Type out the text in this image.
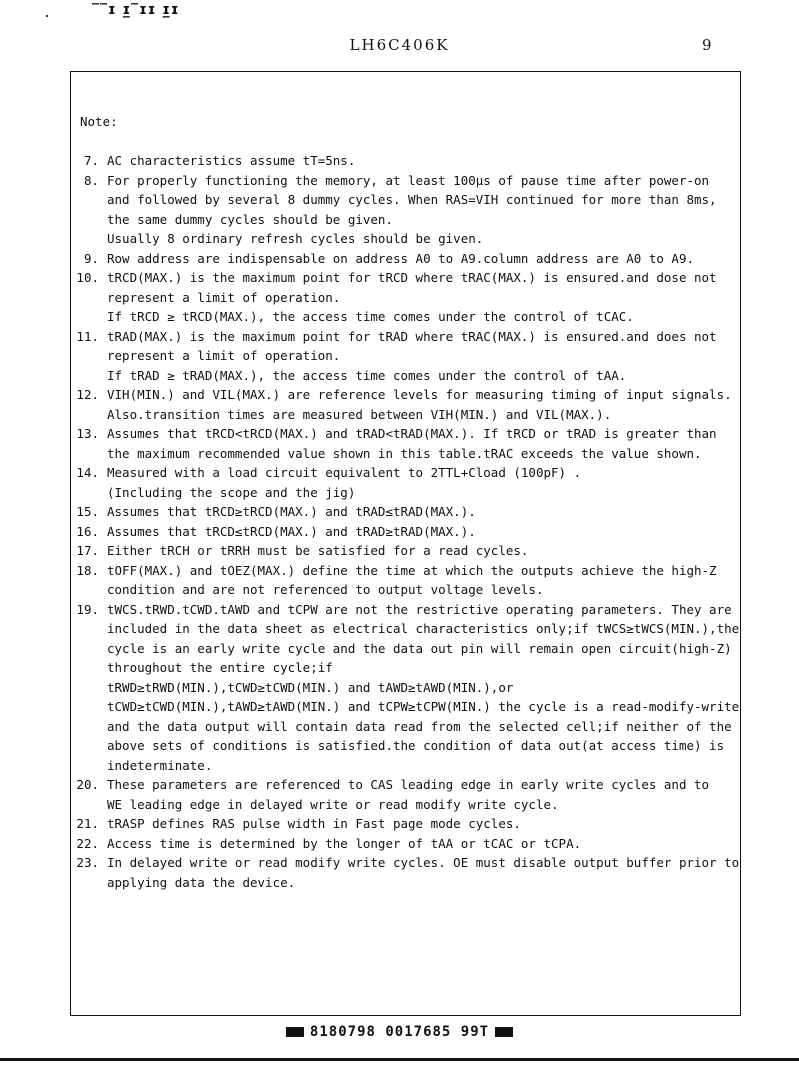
‾‾ɪ ɪ̲‾ɪɪ ɪ̲ɪ
LH6C406K	9
Note:
7. AC characteristics assume tT=5ns.
8. For properly functioning the memory, at least 100μs of pause time after power-on
and followed by several 8 dummy cycles. When RAS=VIH continued for more than 8ms,
the same dummy cycles should be given.
Usually 8 ordinary refresh cycles should be given.
9. Row address are indispensable on address A0 to A9.column address are A0 to A9.
10. tRCD(MAX.) is the maximum point for tRCD where tRAC(MAX.) is ensured.and dose not
represent a limit of operation.
If tRCD ≥ tRCD(MAX.), the access time comes under the control of tCAC.
11. tRAD(MAX.) is the maximum point for tRAD where tRAC(MAX.) is ensured.and does not
represent a limit of operation.
If tRAD ≥ tRAD(MAX.), the access time comes under the control of tAA.
12. VIH(MIN.) and VIL(MAX.) are reference levels for measuring timing of input signals.
Also.transition times are measured between VIH(MIN.) and VIL(MAX.).
13. Assumes that tRCD<tRCD(MAX.) and tRAD<tRAD(MAX.). If tRCD or tRAD is greater than
the maximum recommended value shown in this table.tRAC exceeds the value shown.
14. Measured with a load circuit equivalent to 2TTL+Cload (100pF) .
(Including the scope and the jig)
15. Assumes that tRCD≥tRCD(MAX.) and tRAD≤tRAD(MAX.).
16. Assumes that tRCD≤tRCD(MAX.) and tRAD≥tRAD(MAX.).
17. Either tRCH or tRRH must be satisfied for a read cycles.
18. tOFF(MAX.) and tOEZ(MAX.) define the time at which the outputs achieve the high-Z
condition and are not referenced to output voltage levels.
19. tWCS.tRWD.tCWD.tAWD and tCPW are not the restrictive operating parameters. They are
included in the data sheet as electrical characteristics only;if tWCS≥tWCS(MIN.),the
cycle is an early write cycle and the data out pin will remain open circuit(high-Z)
throughout the entire cycle;if
tRWD≥tRWD(MIN.),tCWD≥tCWD(MIN.) and tAWD≥tAWD(MIN.),or
tCWD≥tCWD(MIN.),tAWD≥tAWD(MIN.) and tCPW≥tCPW(MIN.) the cycle is a read-modify-write
and the data output will contain data read from the selected cell;if neither of the
above sets of conditions is satisfied.the condition of data out(at access time) is
indeterminate.
20. These parameters are referenced to CAS leading edge in early write cycles and to
WE leading edge in delayed write or read modify write cycle.
21. tRASP defines RAS pulse width in Fast page mode cycles.
22. Access time is determined by the longer of tAA or tCAC or tCPA.
23. In delayed write or read modify write cycles. OE must disable output buffer prior to
applying data the device.
8180798 0017685 99T
